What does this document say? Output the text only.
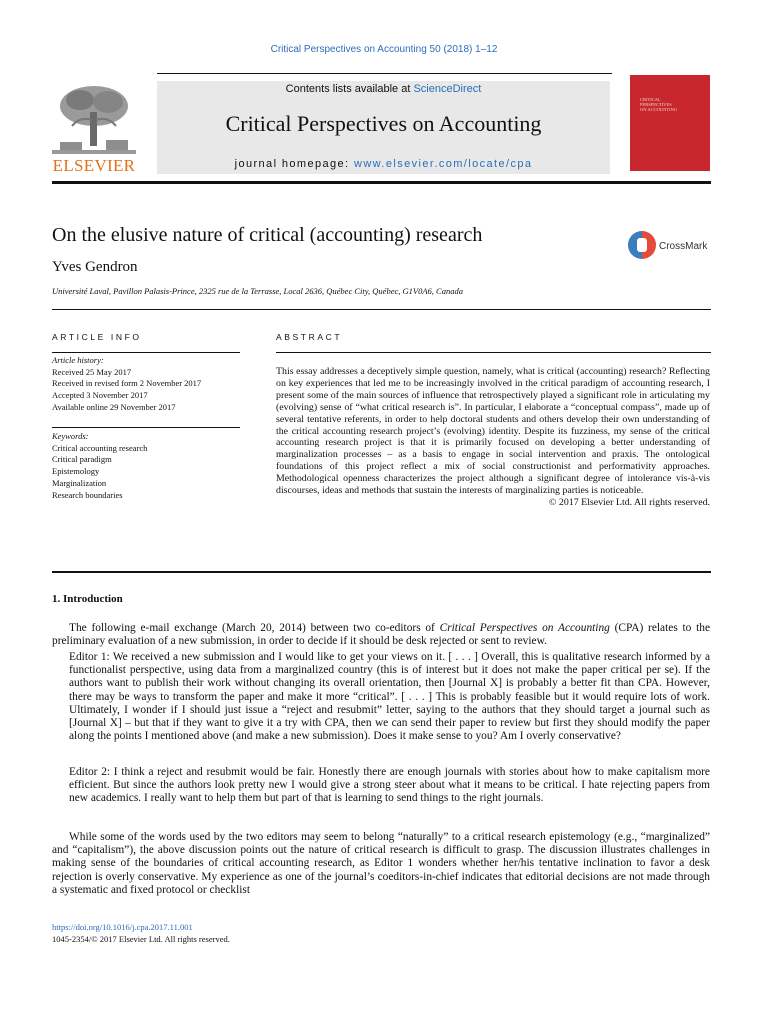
Critical Perspectives on Accounting 50 (2018) 1–12
ELSEVIER
Contents lists available at ScienceDirect
Critical Perspectives on Accounting
journal homepage: www.elsevier.com/locate/cpa
CRITICAL
PERSPECTIVES
ON ACCOUNTING
On the elusive nature of critical (accounting) research
CrossMark
Yves Gendron
Université Laval, Pavillon Palasis-Prince, 2325 rue de la Terrasse, Local 2636, Québec City, Québec, G1V0A6, Canada
ARTICLE INFO
Article history:
Received 25 May 2017
Received in revised form 2 November 2017
Accepted 3 November 2017
Available online 29 November 2017
Keywords:
Critical accounting research
Critical paradigm
Epistemology
Marginalization
Research boundaries
ABSTRACT
This essay addresses a deceptively simple question, namely, what is critical (accounting) research? Reflecting on key experiences that led me to be increasingly involved in the critical paradigm of accounting research, I present some of the main sources of influence that retrospectively played a significant role in articulating my (evolving) sense of “what critical research is”. In particular, I elaborate a “conceptual compass”, made up of several tentative referents, in order to help doctoral students and others develop their own understanding of the critical accounting research project’s (evolving) identity. Despite its fuzziness, my sense of the critical accounting research project is that it is primarily focused on developing a better understanding of marginalization processes – as a basis to engage in social intervention and praxis. The ontological foundations of this project reflect a mix of social constructionist and performativity approaches. Methodological openness characterizes the project although a significant degree of intolerance vis-à-vis discourses, ideas and methods that sustain the interests of marginalizing parties is noticeable.
© 2017 Elsevier Ltd. All rights reserved.
1. Introduction
The following e-mail exchange (March 20, 2014) between two co-editors of Critical Perspectives on Accounting (CPA) relates to the preliminary evaluation of a new submission, in order to decide if it should be desk rejected or sent to review.
Editor 1: We received a new submission and I would like to get your views on it. [ . . . ] Overall, this is qualitative research informed by a functionalist perspective, using data from a marginalized country (this is of interest but it does not make the paper critical per se). If the authors want to publish their work without changing its overall orientation, then [Journal X] is probably a better fit than CPA. However, there may be ways to transform the paper and make it more “critical”. [ . . . ] This is probably feasible but it would require lots of work. Ultimately, I wonder if I should just issue a “reject and resubmit” letter, saying to the authors that they should target a journal such as [Journal X] – but that if they want to give it a try with CPA, then we can send their paper to review but first they should modify the paper along the points I mentioned above (and make a new submission). Does it make sense to you? Am I overly conservative?
Editor 2: I think a reject and resubmit would be fair. Honestly there are enough journals with stories about how to make capitalism more efficient. But since the authors look pretty new I would give a strong steer about what it means to be critical. I hate rejecting papers from new academics. I really want to help them but part of that is learning to send things to the right journals.
While some of the words used by the two editors may seem to belong “naturally” to a critical research epistemology (e.g., “marginalized” and “capitalism”), the above discussion points out the nature of critical research is difficult to grasp. The discussion illustrates challenges in making sense of the boundaries of critical accounting research, as Editor 1 wonders whether her/his tentative inclination to favor a desk rejection is overly conservative. My experience as one of the journal’s coeditors-in-chief indicates that editorial decisions are not made through a systematic and fixed protocol or checklist
https://doi.org/10.1016/j.cpa.2017.11.001
1045-2354/© 2017 Elsevier Ltd. All rights reserved.
